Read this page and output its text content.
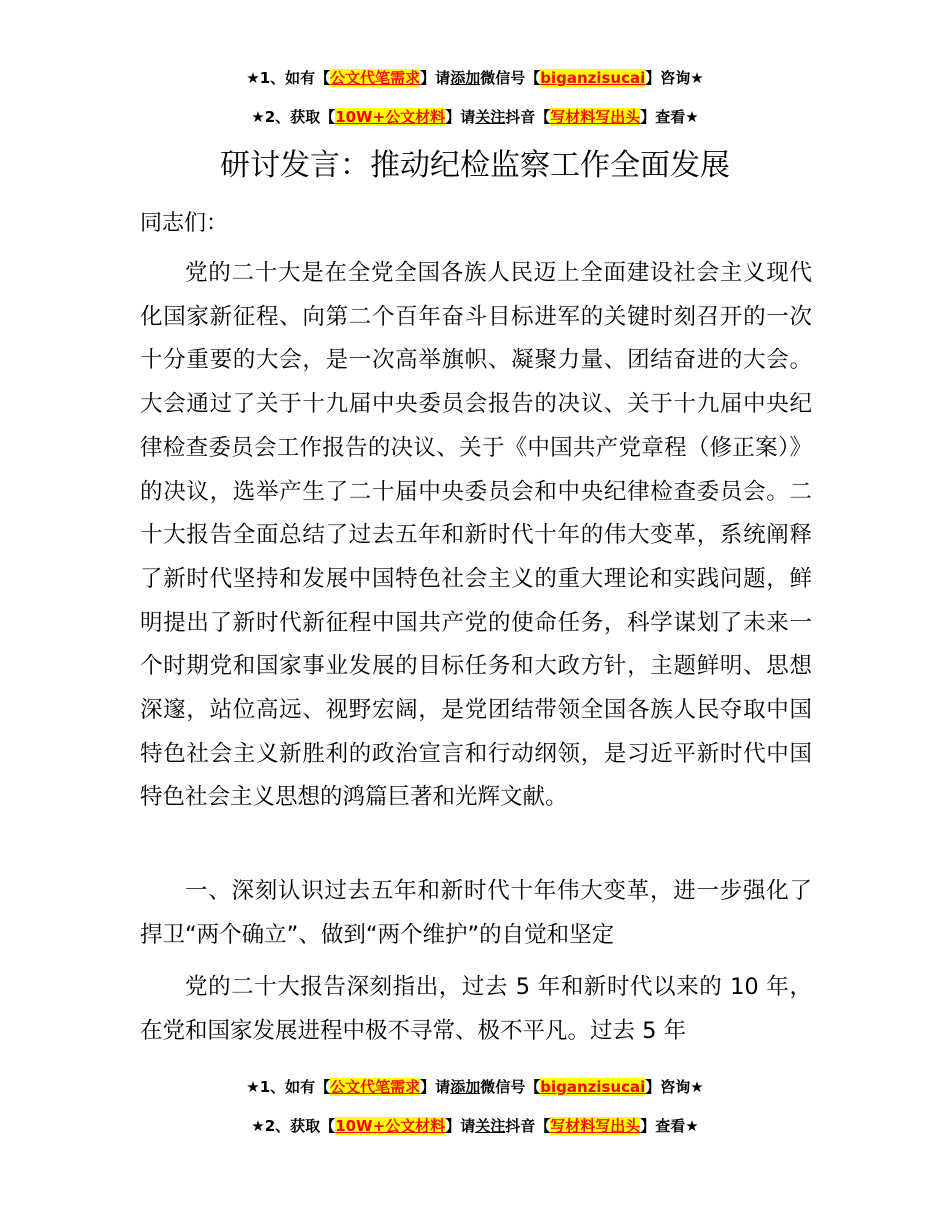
★1、如有【公文代笔需求】请添加微信号【biganzisucai】咨询★
★2、获取【10W+公文材料】请关注抖音【写材料写出头】查看★
研讨发言：推动纪检监察工作全面发展
同志们：

党的二十大是在全党全国各族人民迈上全面建设社会主义现代化国家新征程、向第二个百年奋斗目标进军的关键时刻召开的一次十分重要的大会，是一次高举旗帜、凝聚力量、团结奋进的大会。大会通过了关于十九届中央委员会报告的决议、关于十九届中央纪律检查委员会工作报告的决议、关于《中国共产党章程（修正案）》的决议，选举产生了二十届中央委员会和中央纪律检查委员会。二十大报告全面总结了过去五年和新时代十年的伟大变革，系统阐释了新时代坚持和发展中国特色社会主义的重大理论和实践问题，鲜明提出了新时代新征程中国共产党的使命任务，科学谋划了未来一个时期党和国家事业发展的目标任务和大政方针，主题鲜明、思想深邃，站位高远、视野宏阔，是党团结带领全国各族人民夺取中国特色社会主义新胜利的政治宣言和行动纲领，是习近平新时代中国特色社会主义思想的鸿篇巨著和光辉文献。

一、深刻认识过去五年和新时代十年伟大变革，进一步强化了捍卫“两个确立”、做到“两个维护”的自觉和坚定

党的二十大报告深刻指出，过去 5 年和新时代以来的 10 年，在党和国家发展进程中极不寻常、极不平凡。过去 5 年

★1、如有【公文代笔需求】请添加微信号【biganzisucai】咨询★
★2、获取【10W+公文材料】请关注抖音【写材料写出头】查看★
